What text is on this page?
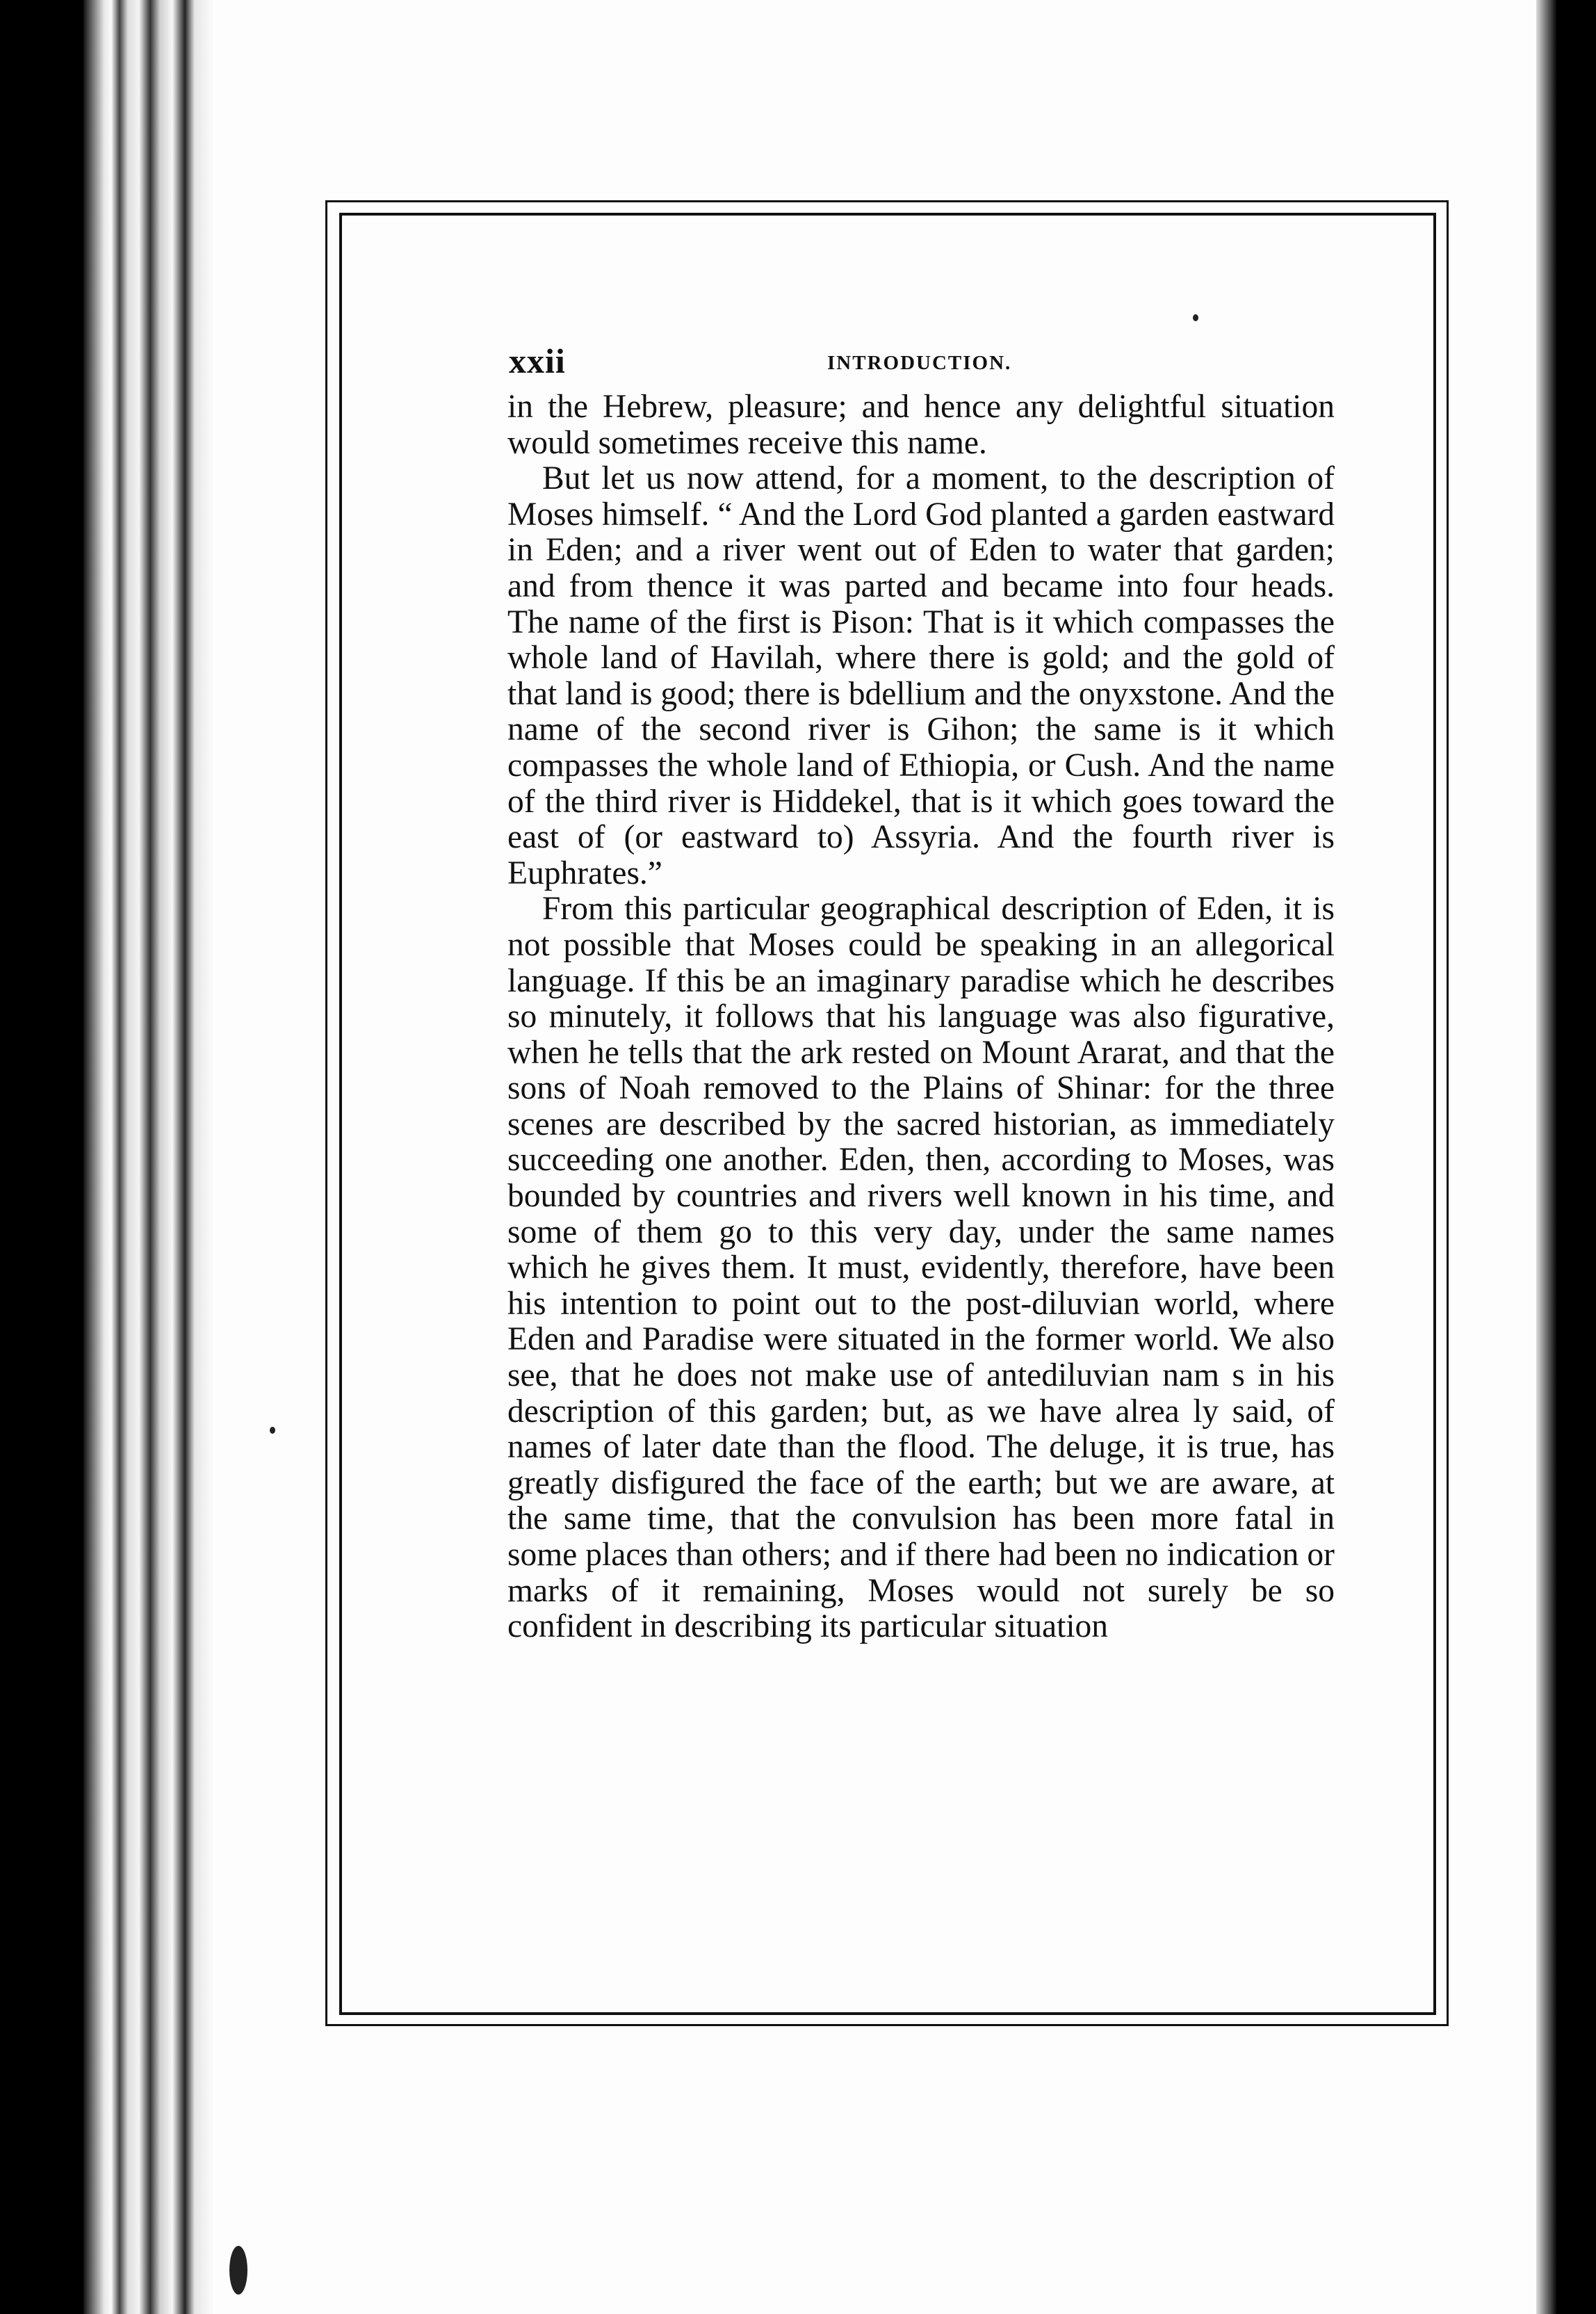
xxii	INTRODUCTION.

in the Hebrew, pleasure; and hence any delightful situation would sometimes receive this name.

But let us now attend, for a moment, to the description of Moses himself. “ And the Lord God planted a garden eastward in Eden; and a river went out of Eden to water that garden; and from thence it was parted and became into four heads. The name of the first is Pison: That is it which compasses the whole land of Havilah, where there is gold; and the gold of that land is good; there is bdellium and the onyxstone. And the name of the second river is Gihon; the same is it which compasses the whole land of Ethiopia, or Cush. And the name of the third river is Hiddekel, that is it which goes toward the east of (or eastward to) Assyria. And the fourth river is Euphrates.”

From this particular geographical description of Eden, it is not possible that Moses could be speaking in an allegorical language. If this be an imaginary paradise which he describes so minutely, it follows that his language was also figurative, when he tells that the ark rested on Mount Ararat, and that the sons of Noah removed to the Plains of Shinar: for the three scenes are described by the sacred historian, as immediately succeeding one another. Eden, then, according to Moses, was bounded by countries and rivers well known in his time, and some of them go to this very day, under the same names which he gives them. It must, evidently, therefore, have been his intention to point out to the post-diluvian world, where Eden and Paradise were situated in the former world. We also see, that he does not make use of antediluvian nam s in his description of this garden; but, as we have alrea ly said, of names of later date than the flood. The deluge, it is true, has greatly disfigured the face of the earth; but we are aware, at the same time, that the convulsion has been more fatal in some places than others; and if there had been no indication or marks of it remaining, Moses would not surely be so confident in describing its particular situation
